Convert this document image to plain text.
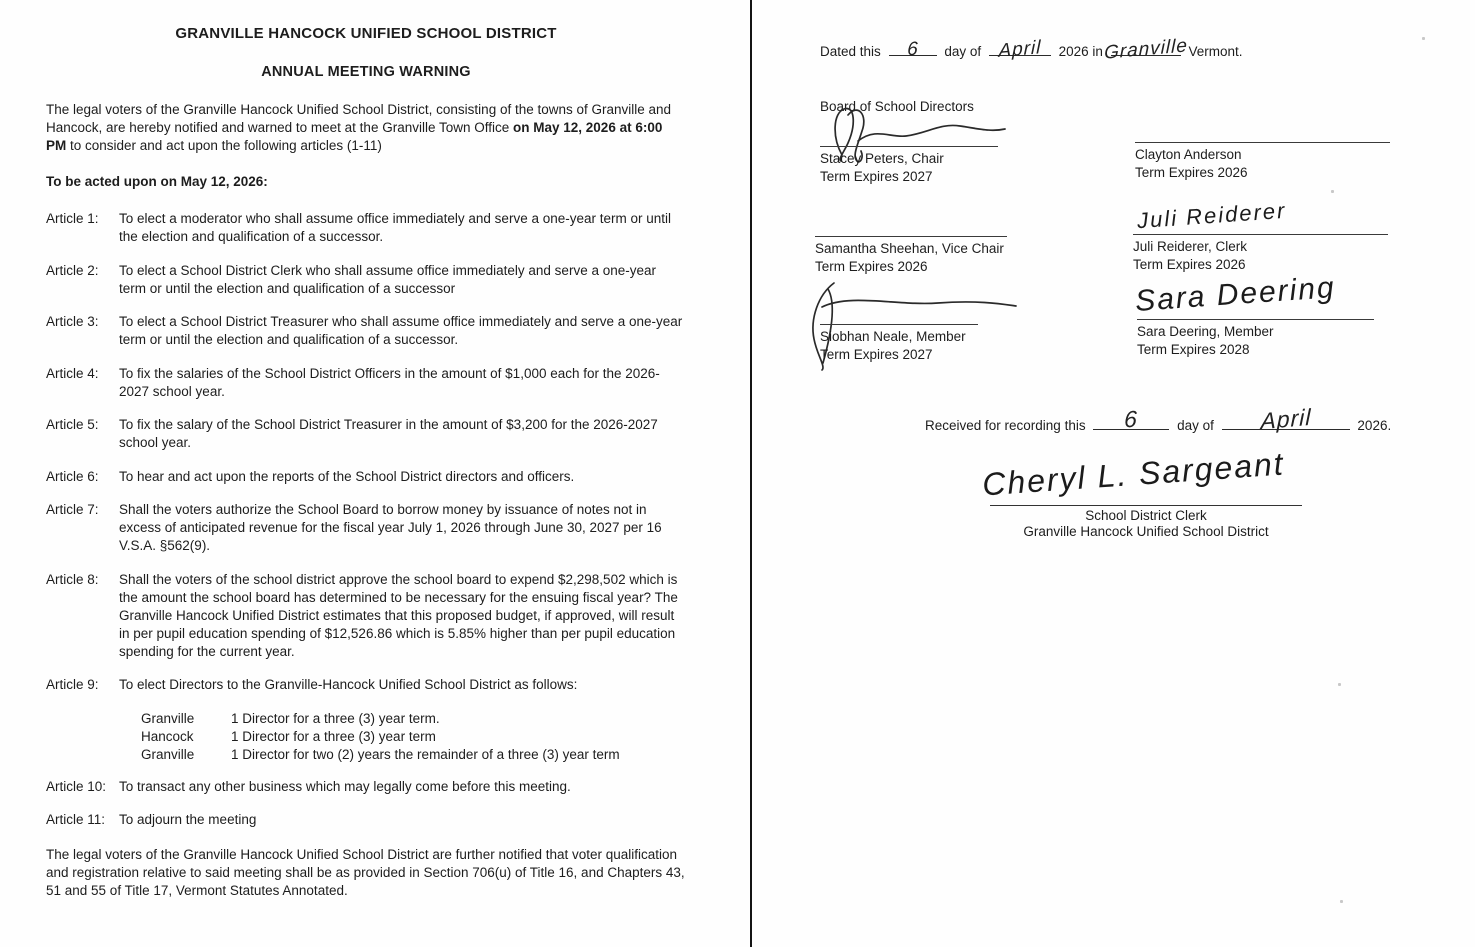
GRANVILLE HANCOCK UNIFIED SCHOOL DISTRICT

ANNUAL MEETING WARNING

The legal voters of the Granville Hancock Unified School District, consisting of the towns of Granville and Hancock, are hereby notified and warned to meet at the Granville Town Office on May 12, 2026 at 6:00 PM to consider and act upon the following articles (1-11)

To be acted upon on May 12, 2026:

Article 1:	To elect a moderator who shall assume office immediately and serve a one-year term or until the election and qualification of a successor.
Article 2:	To elect a School District Clerk who shall assume office immediately and serve a one-year term or until the election and qualification of a successor
Article 3:	To elect a School District Treasurer who shall assume office immediately and serve a one-year term or until the election and qualification of a successor.
Article 4:	To fix the salaries of the School District Officers in the amount of $1,000 each for the 2026-2027 school year.
Article 5:	To fix the salary of the School District Treasurer in the amount of $3,200 for the 2026-2027 school year.
Article 6:	To hear and act upon the reports of the School District directors and officers.
Article 7:	Shall the voters authorize the School Board to borrow money by issuance of notes not in excess of anticipated revenue for the fiscal year July 1, 2026 through June 30, 2027 per 16 V.S.A. §562(9).
Article 8:	Shall the voters of the school district approve the school board to expend $2,298,502 which is the amount the school board has determined to be necessary for the ensuing fiscal year? The Granville Hancock Unified District estimates that this proposed budget, if approved, will result in per pupil education spending of $12,526.86 which is 5.85% higher than per pupil education spending for the current year.
Article 9:	To elect Directors to the Granville-Hancock Unified School District as follows:
Granville	1 Director for a three (3) year term.
Hancock	1 Director for a three (3) year term
Granville	1 Director for two (2) years the remainder of a three (3) year term
Article 10: To transact any other business which may legally come before this meeting.
Article 11:	To adjourn the meeting

The legal voters of the Granville Hancock Unified School District are further notified that voter qualification and registration relative to said meeting shall be as provided in Section 706(u) of Title 16, and Chapters 43, 51 and 55 of Title 17, Vermont Statutes Annotated.

Dated this 6 day of April 2026 in Granville Vermont.
Board of School Directors
Stacey Peters, Chair
Term Expires 2027
Clayton Anderson
Term Expires 2026
Juli Reiderer
Samantha Sheehan, Vice Chair
Term Expires 2026
Juli Reiderer, Clerk
Term Expires 2026
Sara Deering
Siobhan Neale, Member
Term Expires 2027
Sara Deering, Member
Term Expires 2028
Received for recording this 6	day of April	2026.
Cheryl L. Sargeant
School District Clerk
Granville Hancock Unified School District
